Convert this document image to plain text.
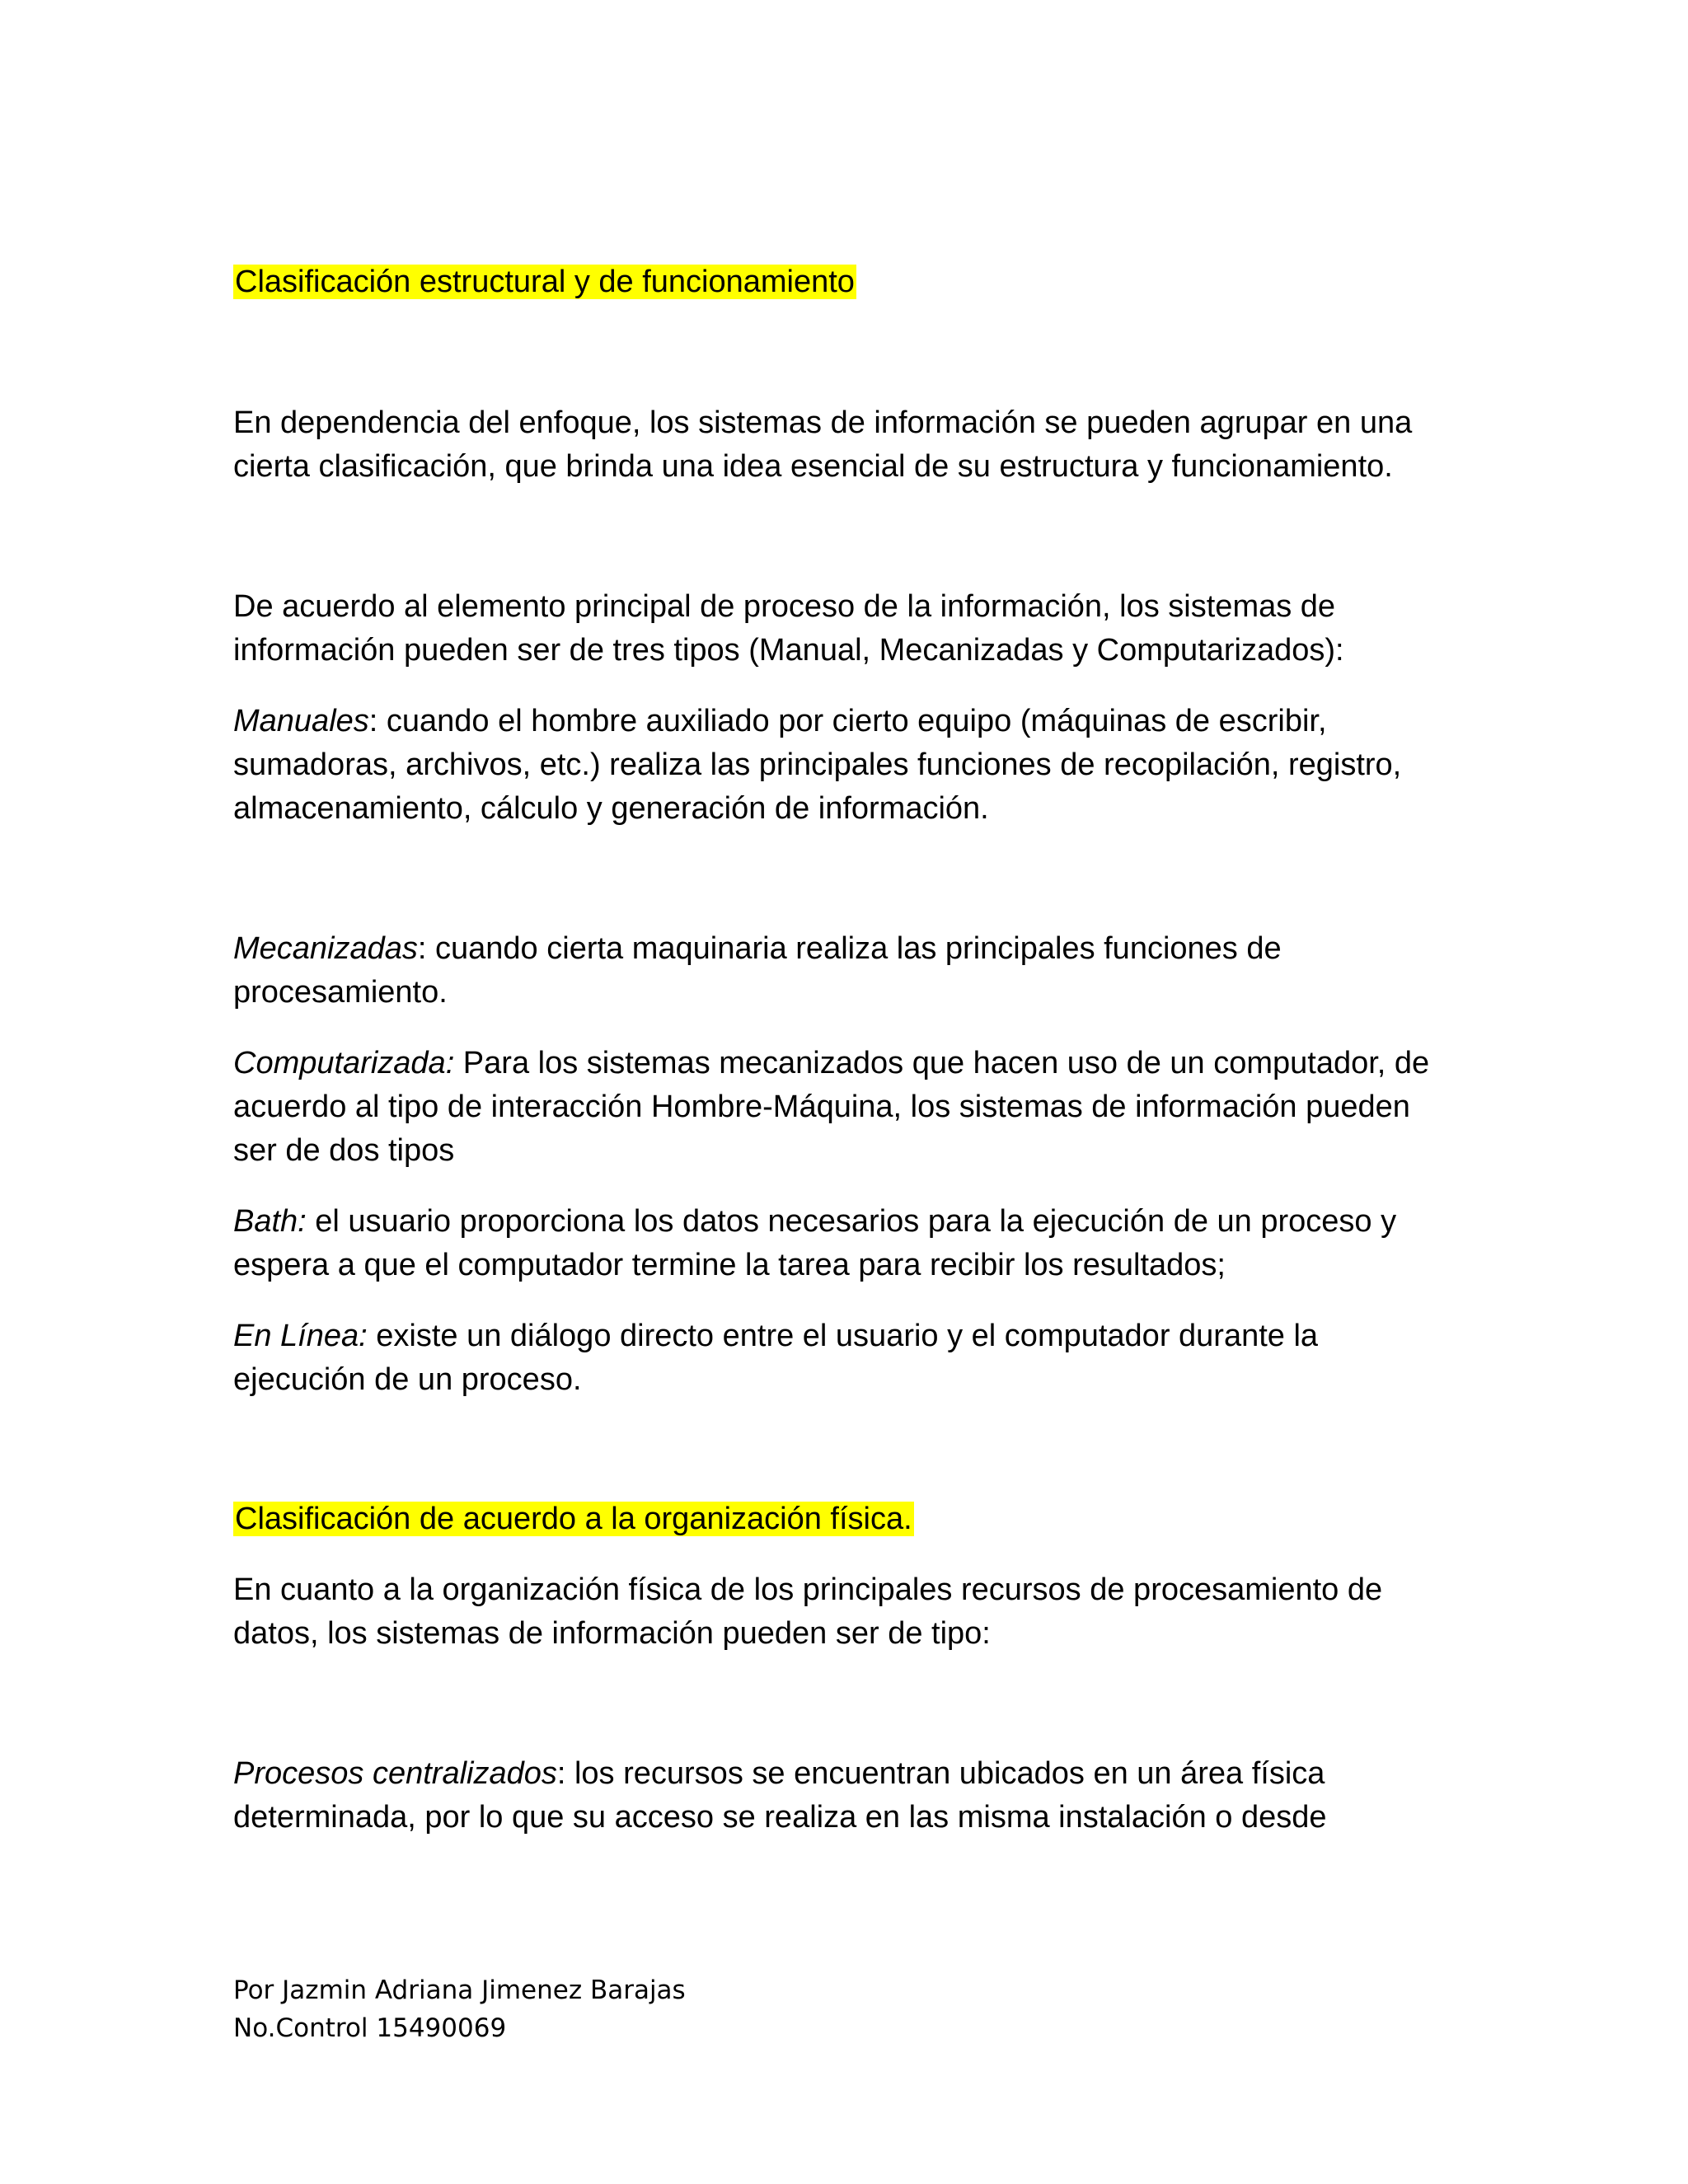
Clasificación estructural y de funcionamiento

En dependencia del enfoque, los sistemas de información se pueden agrupar en una cierta clasificación, que brinda una idea esencial de su estructura y funcionamiento.

De acuerdo al elemento principal de proceso de la información, los sistemas de información pueden ser de tres tipos (Manual, Mecanizadas y Computarizados):

Manuales: cuando el hombre auxiliado por cierto equipo (máquinas de escribir, sumadoras, archivos, etc.) realiza las principales funciones de recopilación, registro, almacenamiento, cálculo y generación de información.

Mecanizadas: cuando cierta maquinaria realiza las principales funciones de procesamiento.

Computarizada: Para los sistemas mecanizados que hacen uso de un computador, de acuerdo al tipo de interacción Hombre-Máquina, los sistemas de información pueden ser de dos tipos

Bath: el usuario proporciona los datos necesarios para la ejecución de un proceso y espera a que el computador termine la tarea para recibir los resultados;

En Línea: existe un diálogo directo entre el usuario y el computador durante la ejecución de un proceso.

Clasificación de acuerdo a la organización física.

En cuanto a la organización física de los principales recursos de procesamiento de datos, los sistemas de información pueden ser de tipo:

Procesos centralizados: los recursos se encuentran ubicados en un área física determinada, por lo que su acceso se realiza en las misma instalación o desde

Por Jazmin Adriana Jimenez Barajas
No.Control 15490069
